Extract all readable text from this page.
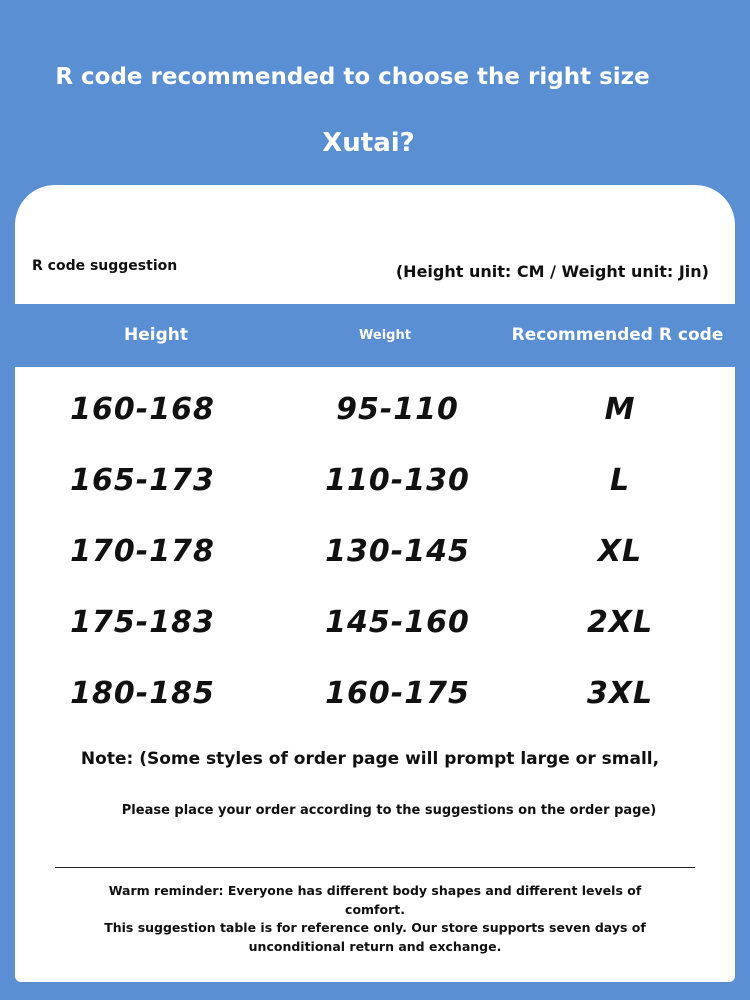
R code recommended to choose the right size
Xutai?
R code suggestion	(Height unit: CM / Weight unit: Jin)
Height	Weight	Recommended R code
160-168	95-110	M
165-173	110-130	L
170-178	130-145	XL
175-183	145-160	2XL
180-185	160-175	3XL
Note: (Some styles of order page will prompt large or small,
Please place your order according to the suggestions on the order page)
Warm reminder: Everyone has different body shapes and different levels of comfort.
This suggestion table is for reference only. Our store supports seven days of unconditional return and exchange.
